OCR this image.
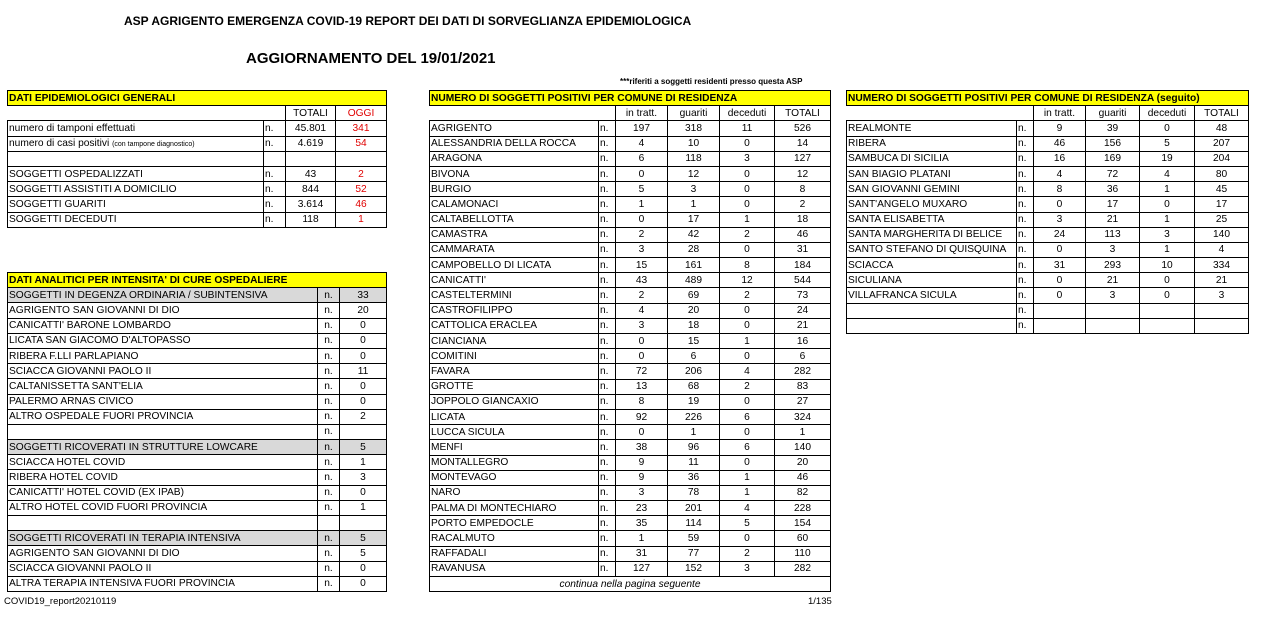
ASP AGRIGENTO EMERGENZA COVID-19 REPORT DEI DATI DI SORVEGLIANZA EPIDEMIOLOGICA
AGGIORNAMENTO DEL 19/01/2021
***riferiti a soggetti residenti presso questa ASP
DATI EPIDEMIOLOGICI GENERALI			
		TOTALI	OGGI
numero di tamponi effettuati	n.	45.801	341
numero di casi positivi (con tampone diagnostico)	n.	4.619	54

SOGGETTI OSPEDALIZZATI	n.	43	2
SOGGETTI ASSISTITI A DOMICILIO	n.	844	52
SOGGETTI GUARITI	n.	3.614	46
SOGGETTI DECEDUTI	n.	118	1
DATI ANALITICI PER INTENSITA' DI CURE OSPEDALIERE		
SOGGETTI IN DEGENZA ORDINARIA / SUBINTENSIVA	n.	33
AGRIGENTO SAN GIOVANNI DI DIO	n.	20
CANICATTI' BARONE LOMBARDO	n.	0
LICATA SAN GIACOMO D'ALTOPASSO	n.	0
RIBERA F.LLI PARLAPIANO	n.	0
SCIACCA GIOVANNI PAOLO II	n.	11
CALTANISSETTA SANT'ELIA	n.	0
PALERMO ARNAS CIVICO	n.	0
ALTRO OSPEDALE FUORI PROVINCIA	n.	2
	n.	
SOGGETTI RICOVERATI IN STRUTTURE LOWCARE	n.	5
SCIACCA HOTEL COVID	n.	1
RIBERA HOTEL COVID	n.	3
CANICATTI' HOTEL COVID (EX IPAB)	n.	0
ALTRO HOTEL COVID FUORI PROVINCIA	n.	1

SOGGETTI RICOVERATI IN TERAPIA INTENSIVA	n.	5
AGRIGENTO SAN GIOVANNI DI DIO	n.	5
SCIACCA GIOVANNI PAOLO II	n.	0
ALTRA TERAPIA INTENSIVA FUORI PROVINCIA	n.	0
NUMERO DI SOGGETTI POSITIVI PER COMUNE DI RESIDENZA					
		in tratt.	guariti	deceduti	TOTALI
AGRIGENTO	n.	197	318	11	526
ALESSANDRIA DELLA ROCCA	n.	4	10	0	14
ARAGONA	n.	6	118	3	127
BIVONA	n.	0	12	0	12
BURGIO	n.	5	3	0	8
CALAMONACI	n.	1	1	0	2
CALTABELLOTTA	n.	0	17	1	18
CAMASTRA	n.	2	42	2	46
CAMMARATA	n.	3	28	0	31
CAMPOBELLO DI LICATA	n.	15	161	8	184
CANICATTI'	n.	43	489	12	544
CASTELTERMINI	n.	2	69	2	73
CASTROFILIPPO	n.	4	20	0	24
CATTOLICA ERACLEA	n.	3	18	0	21
CIANCIANA	n.	0	15	1	16
COMITINI	n.	0	6	0	6
FAVARA	n.	72	206	4	282
GROTTE	n.	13	68	2	83
JOPPOLO GIANCAXIO	n.	8	19	0	27
LICATA	n.	92	226	6	324
LUCCA SICULA	n.	0	1	0	1
MENFI	n.	38	96	6	140
MONTALLEGRO	n.	9	11	0	20
MONTEVAGO	n.	9	36	1	46
NARO	n.	3	78	1	82
PALMA DI MONTECHIARO	n.	23	201	4	228
PORTO EMPEDOCLE	n.	35	114	5	154
RACALMUTO	n.	1	59	0	60
RAFFADALI	n.	31	77	2	110
RAVANUSA	n.	127	152	3	282
continua nella pagina seguente					
NUMERO DI SOGGETTI POSITIVI PER COMUNE DI RESIDENZA (seguito)					
		in tratt.	guariti	deceduti	TOTALI
REALMONTE	n.	9	39	0	48
RIBERA	n.	46	156	5	207
SAMBUCA DI SICILIA	n.	16	169	19	204
SAN BIAGIO PLATANI	n.	4	72	4	80
SAN GIOVANNI GEMINI	n.	8	36	1	45
SANT'ANGELO MUXARO	n.	0	17	0	17
SANTA ELISABETTA	n.	3	21	1	25
SANTA MARGHERITA DI BELICE	n.	24	113	3	140
SANTO STEFANO DI QUISQUINA	n.	0	3	1	4
SCIACCA	n.	31	293	10	334
SICULIANA	n.	0	21	0	21
VILLAFRANCA SICULA	n.	0	3	0	3
	n.				
	n.				
COVID19_report20210119	1/135
